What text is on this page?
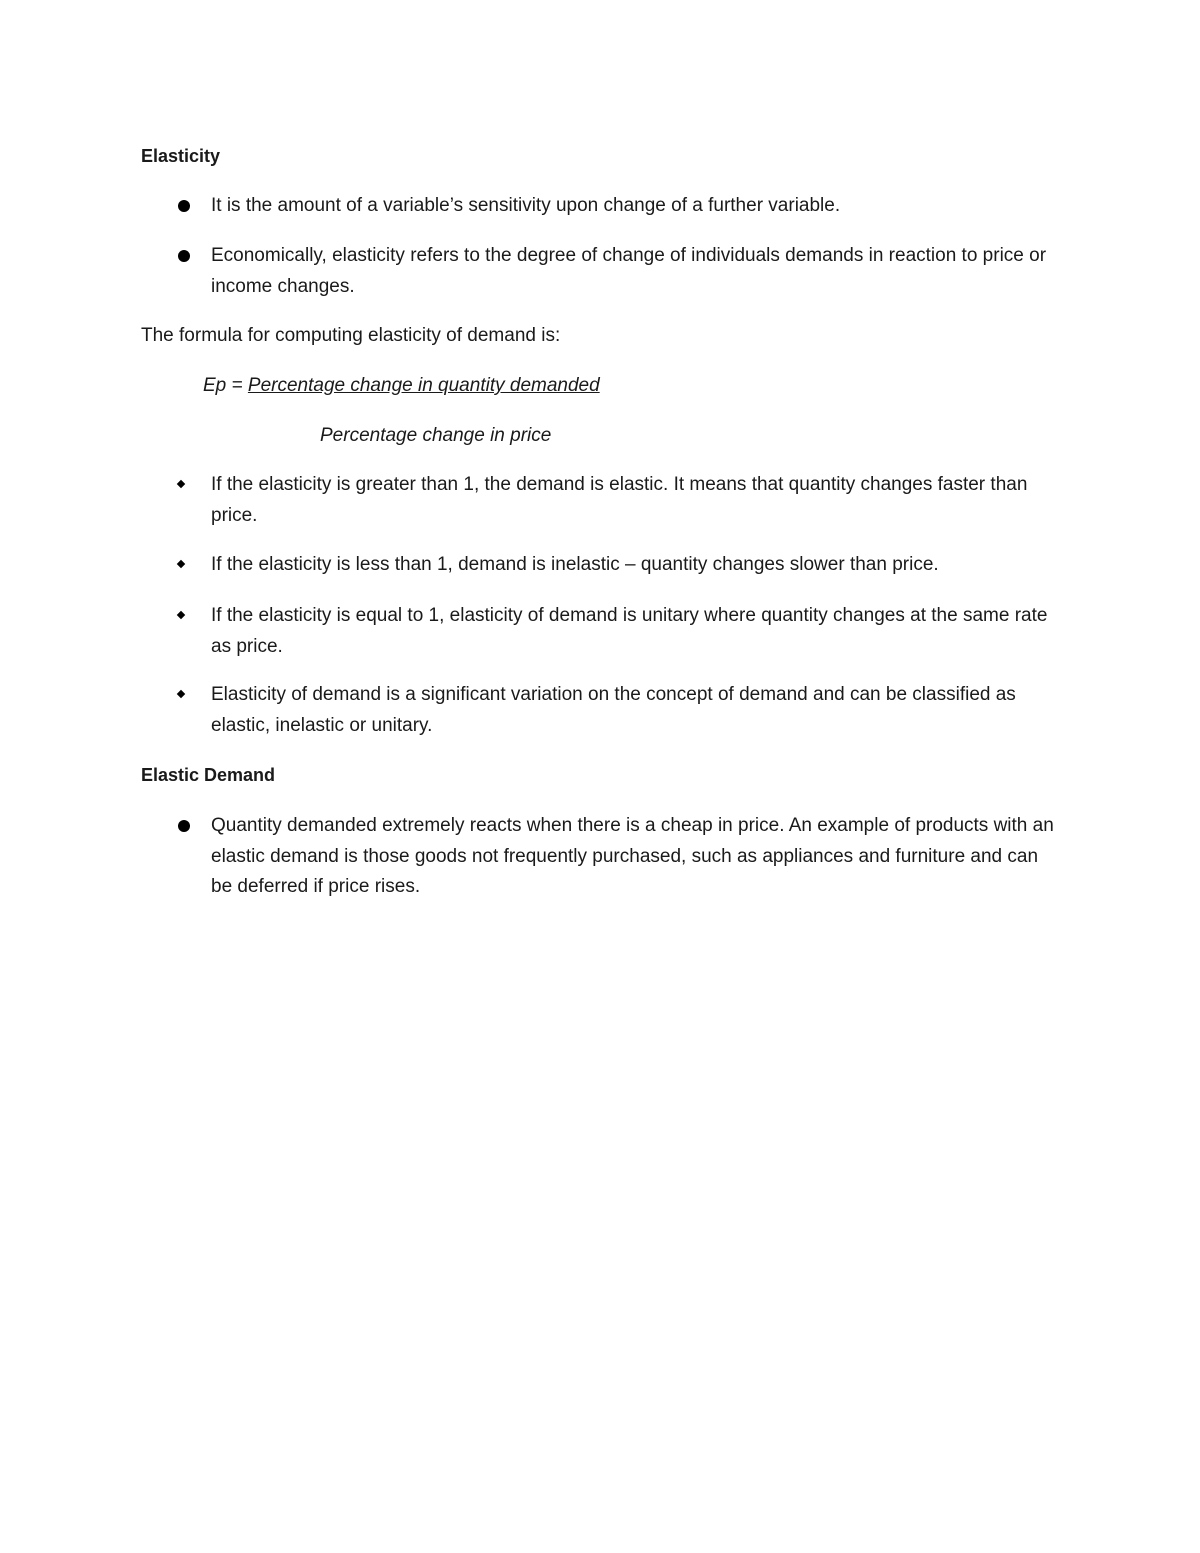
Elasticity

It is the amount of a variable’s sensitivity upon change of a further variable.

Economically, elasticity refers to the degree of change of individuals demands in reaction to price or income changes.

The formula for computing elasticity of demand is:

Ep = Percentage change in quantity demanded

Percentage change in price

If the elasticity is greater than 1, the demand is elastic. It means that quantity changes faster than price.

If the elasticity is less than 1, demand is inelastic – quantity changes slower than price.

If the elasticity is equal to 1, elasticity of demand is unitary where quantity changes at the same rate as price.

Elasticity of demand is a significant variation on the concept of demand and can be classified as elastic, inelastic or unitary.

Elastic Demand

Quantity demanded extremely reacts when there is a cheap in price. An example of products with an elastic demand is those goods not frequently purchased, such as appliances and furniture and can be deferred if price rises.
